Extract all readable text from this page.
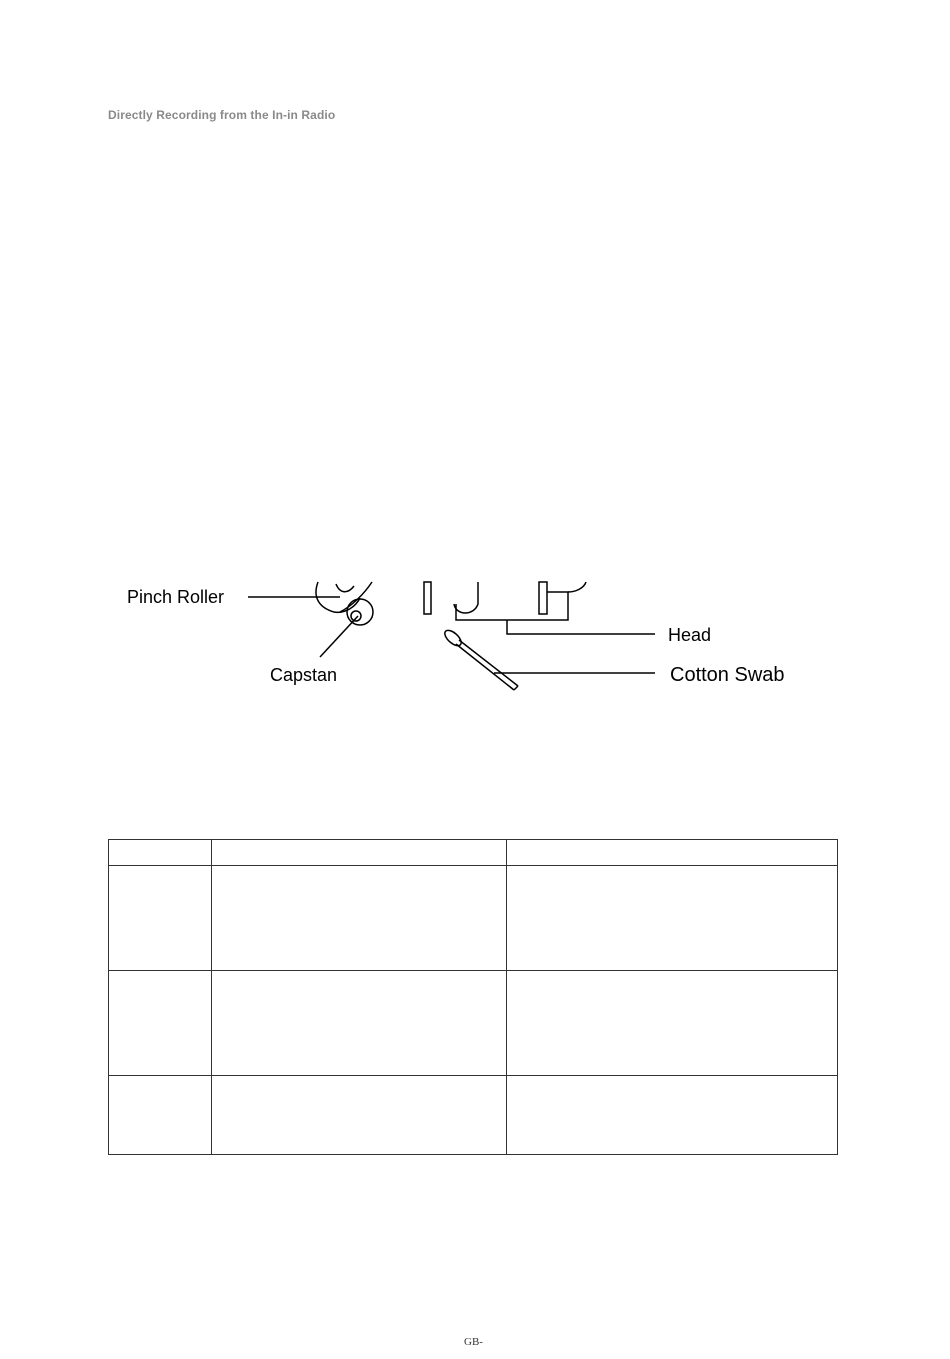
Directly Recording from the In-in Radio
Pinch Roller
Capstan
Head
Cotton Swab

GB-
